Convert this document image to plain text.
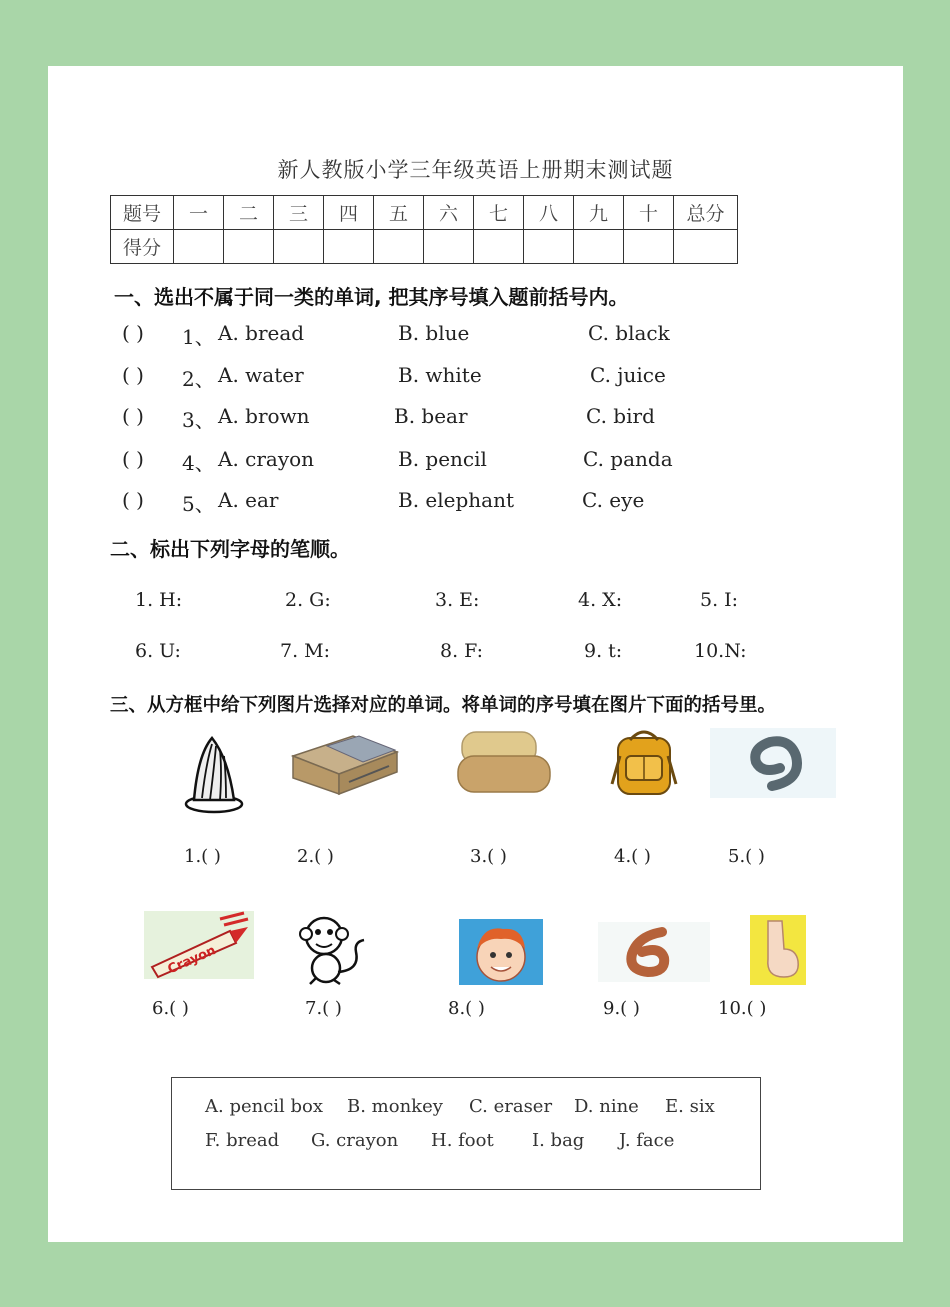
新人教版小学三年级英语上册期末测试题
题号	一	二	三	四	五	六	七	八	九	十	总分
得分											
一、选出不属于同一类的单词, 把其序号填入题前括号内。
( ) 1、 A. bread	B. blue	C. black
( ) 2、 A. water	B. white	C. juice
( ) 3、 A. brown	B. bear	C. bird
( ) 4、 A. crayon	B. pencil	C. panda
( ) 5、 A. ear	B. elephant	C. eye
二、标出下列字母的笔顺。
1. H:	2. G:	3. E:	4. X:	5. I:
6. U:	7. M:	8. F:	9. t:	10.N:
三、从方框中给下列图片选择对应的单词。将单词的序号填在图片下面的括号里。
1.( )	2.( )	3.( )	4.( )	5.( )
Crayon
6.( )	7.( )	8.( )	9.( )	10.( )
A. pencil box B. monkey C. eraser D. nine E. six
F. bread G. crayon H. foot I. bag J. face
